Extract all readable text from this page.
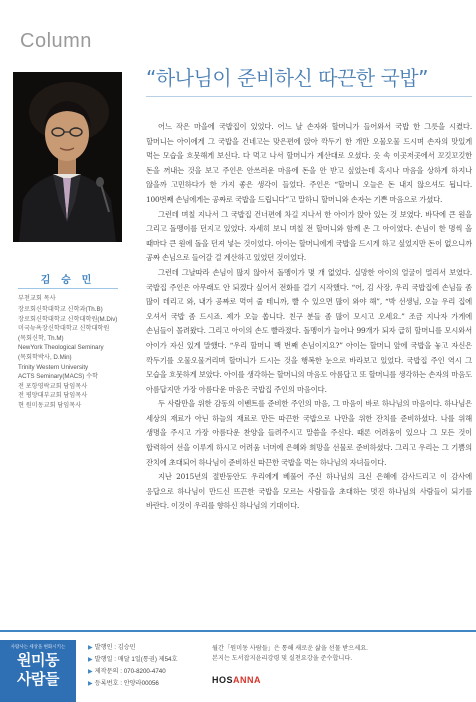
Column
김 승 민
부천교회 목사
장로회신학대학교 신학과(Th.B)
장로회신학대학교 신학대학원(M.Div)
미국뉴욕장신학대학교 신학대학원
(목회신학, Th.M)
NewYork Theological Seminary
(목회학박사, D.Min)
Trinity Western University
ACTS Seminary(MACS) 수학
전 포항영락교회 담임목사
전 평양대부교회 담임목사
현 원미동교회 담임목사
“하나님이 준비하신 따끈한 국밥”

어느 작은 마을에 국밥집이 있었다. 어느 날 손자와 할머니가 들어와서 국밥 한 그릇을 시켰다. 할머니는 아이에게 그 국밥을 건네고는 맞은편에 앉아 깍두기 한 개만 오물오물 드시며 손자의 맛있게 먹는 모습을 흐뭇해게 보신다. 다 먹고 나서 할머니가 계산대로 오셨다. 옷 속 이곳저곳에서 꼬깃꼬깃한 돈을 꺼내는 것을 보고 주인은 안쓰러운 마음에 돈을 안 받고 싶었는데 혹시나 마음을 상하게 하지나 않을까 고민하다가 한 가지 좋은 생각이 들었다. 주인은 “할머니 오늘은 돈 내지 않으셔도 됩니다. 100번째 손님에게는 공짜로 국밥을 드립니다”고 말하니 할머니와 손자는 기쁜 마음으로 가셨다.

그런데 며칠 지나서 그 국밥집 건너편에 차길 지나서 한 아이가 앉아 있는 것 보였다. 바닥에 큰 원을 그리고 돌멩이를 던지고 있었다. 자세히 보니 며칠 전 할머니와 함께 온 그 아이였다. 손님이 한 명씩 올 때마다 큰 원에 돌을 던져 넣는 것이었다. 아이는 할머니에게 국밥을 드시게 하고 싶었지만 돈이 없으니까 공짜 손님으로 들어갈 걸 계산하고 있었던 것이었다.

그런데 그날따라 손님이 많지 않아서 돌멩이가 몇 개 없었다. 실망한 아이의 얼굴이 멀리서 보였다. 국밥집 주인은 아무래도 안 되겠다 싶어서 전화를 걸기 시작했다. “어, 김 사장, 우리 국밥집에 손님들 좀 많이 데리고 와, 내가 공짜로 먹여 줄 테니까, 빨 수 있으면 많이 와야 해”, “박 선생님, 오늘 우리 집에 오셔서 국밥 좀 드시죠. 제가 오늘 쏩니다. 친구 분들 좀 많이 모시고 오세요.” 조금 지나자 가게에 손님들이 몰려왔다. 그리고 아이의 손도 빨라졌다. 돌멩이가 늘어나 99개가 되자 급히 할머니를 모시와서 아이가 자신 있게 말했다. “우리 할머니 백 번째 손님이지요?” 아이는 할머니 앞에 국밥을 놓고 자신은 깍두기를 오물오물거리며 할머니가 드시는 것을 행복한 눈으로 바라보고 있었다. 국밥집 주인 역시 그 모습을 흐뭇하게 보았다. 아이를 생각하는 할머니의 마음도 아름답고 또 할머니를 생각하는 손자의 마음도 아름답지만 가장 아름다운 마음은 국밥집 주인의 마음이다.

두 사람만을 위한 감동의 이벤트를 준비한 주인의 마음, 그 마음이 바로 하나님의 마음이다. 하나님은 세상의 재료가 아닌 하늘의 재료로 만든 따끈한 국밥으로 나만을 위한 잔치를 준비하셨다. 나를 위해 생명을 주시고 가장 아름다운 찬양을 들려주시고 말씀을 주신다. 때론 어려움이 있으나 그 모든 것이 합력하여 선을 이루게 하시고 어려움 너머에 은혜와 희망을 선물로 준비하셨다. 그리고 우리는 그 기쁨의 잔치에 초대되어 하나님이 준비하신 따끈한 국밥을 먹는 하나님의 자녀들이다.

지난 2015년의 절반동안도 우리에게 베풀어 주신 하나님의 크신 은혜에 감사드리고 이 감사에 응답으로 하나님이 만드신 뜨끈한 국밥을 모르는 사람들을 초대하는 멋진 하나님의 사람들이 되기를 바란다. 이것이 우리를 향하신 하나님의 기대이다.

사람사는 세상을 변화시키는
원미동
사람들
▶ 발행인 : 김승민
▶ 발행일 : 매달 1일(통권) 제54호
▶ 제작문의 : 070-8200-4740
▶ 등록번호 : 안양라00056
월간「원미동 사람들」은 통해 새로운 삶을 선물 받으세요.
본지는 도서잡지윤리강령 및 실천요강을 준수합니다.
HOSANNA
